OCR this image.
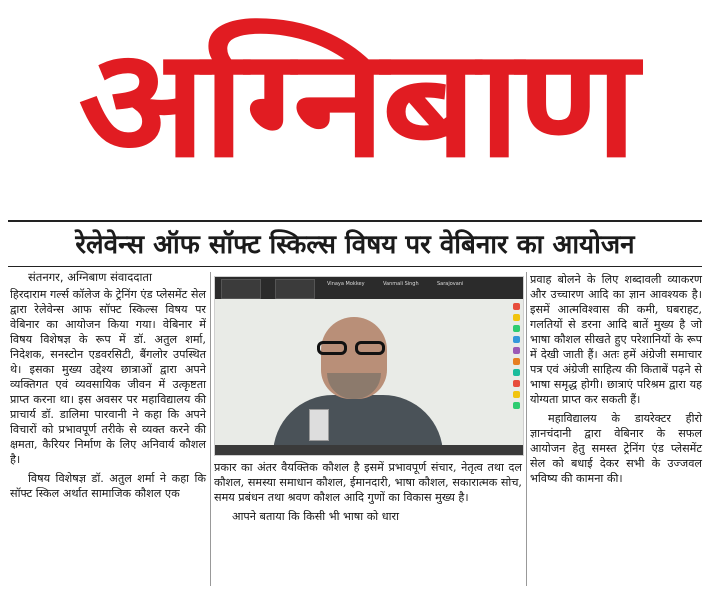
अग्निबाण
रेलेवेन्स ऑफ सॉफ्ट स्किल्स विषय पर वेबिनार का आयोजन
संतनगर, अग्निबाण संवाददाता

हिरदाराम गर्ल्स कॉलेज के ट्रेनिंग एंड प्लेसमेंट सेल द्वारा रेलेवेन्स आफ सॉफ्ट स्किल्स विषय पर वेबिनार का आयोजन किया गया। वेबिनार में विषय विशेषज्ञ के रूप में डॉ. अतुल शर्मा, निदेशक, सनस्टोन एडवरसिटी, बैंगलोर उपस्थित थे। इसका मुख्य उद्देश्य छात्राओं द्वारा अपने व्यक्तिगत एवं व्यवसायिक जीवन में उत्कृष्टता प्राप्त करना था। इस अवसर पर महाविद्यालय की प्राचार्य डॉ. डालिमा पारवानी ने कहा कि अपने विचारों को प्रभावपूर्ण तरीके से व्यक्त करने की क्षमता, कैरियर निर्माण के लिए अनिवार्य कौशल है।

विषय विशेषज्ञ डॉ. अतुल शर्मा ने कहा कि सॉफ्ट स्किल अर्थात सामाजिक कौशल एक

Vinaya Mokkey	Vanmali Singh	Sarajovani

प्रकार का अंतर वैयक्तिक कौशल है इसमें प्रभावपूर्ण संचार, नेतृत्व तथा दल कौशल, समस्या समाधान कौशल, ईमानदारी, भाषा कौशल, सकारात्मक सोच, समय प्रबंधन तथा श्रवण कौशल आदि गुणों का विकास मुख्य है।

आपने बताया कि किसी भी भाषा को धारा

प्रवाह बोलने के लिए शब्दावली व्याकरण और उच्चारण आदि का ज्ञान आवश्यक है। इसमें आत्मविश्वास की कमी, घबराहट, गलतियों से डरना आदि बातें मुख्य है जो भाषा कौशल सीखते हुए परेशानियों के रूप में देखी जाती हैं। अतः हमें अंग्रेजी समाचार पत्र एवं अंग्रेजी साहित्य की किताबें पढ़ने से भाषा समृद्ध होगी। छात्राएं परिश्रम द्वारा यह योग्यता प्राप्त कर सकती हैं।

महाविद्यालय के डायरेक्टर हीरो ज्ञानचंदानी द्वारा वेबिनार के सफल आयोजन हेतु समस्त ट्रेनिंग एंड प्लेसमेंट सेल को बधाई देकर सभी के उज्जवल भविष्य की कामना की।
